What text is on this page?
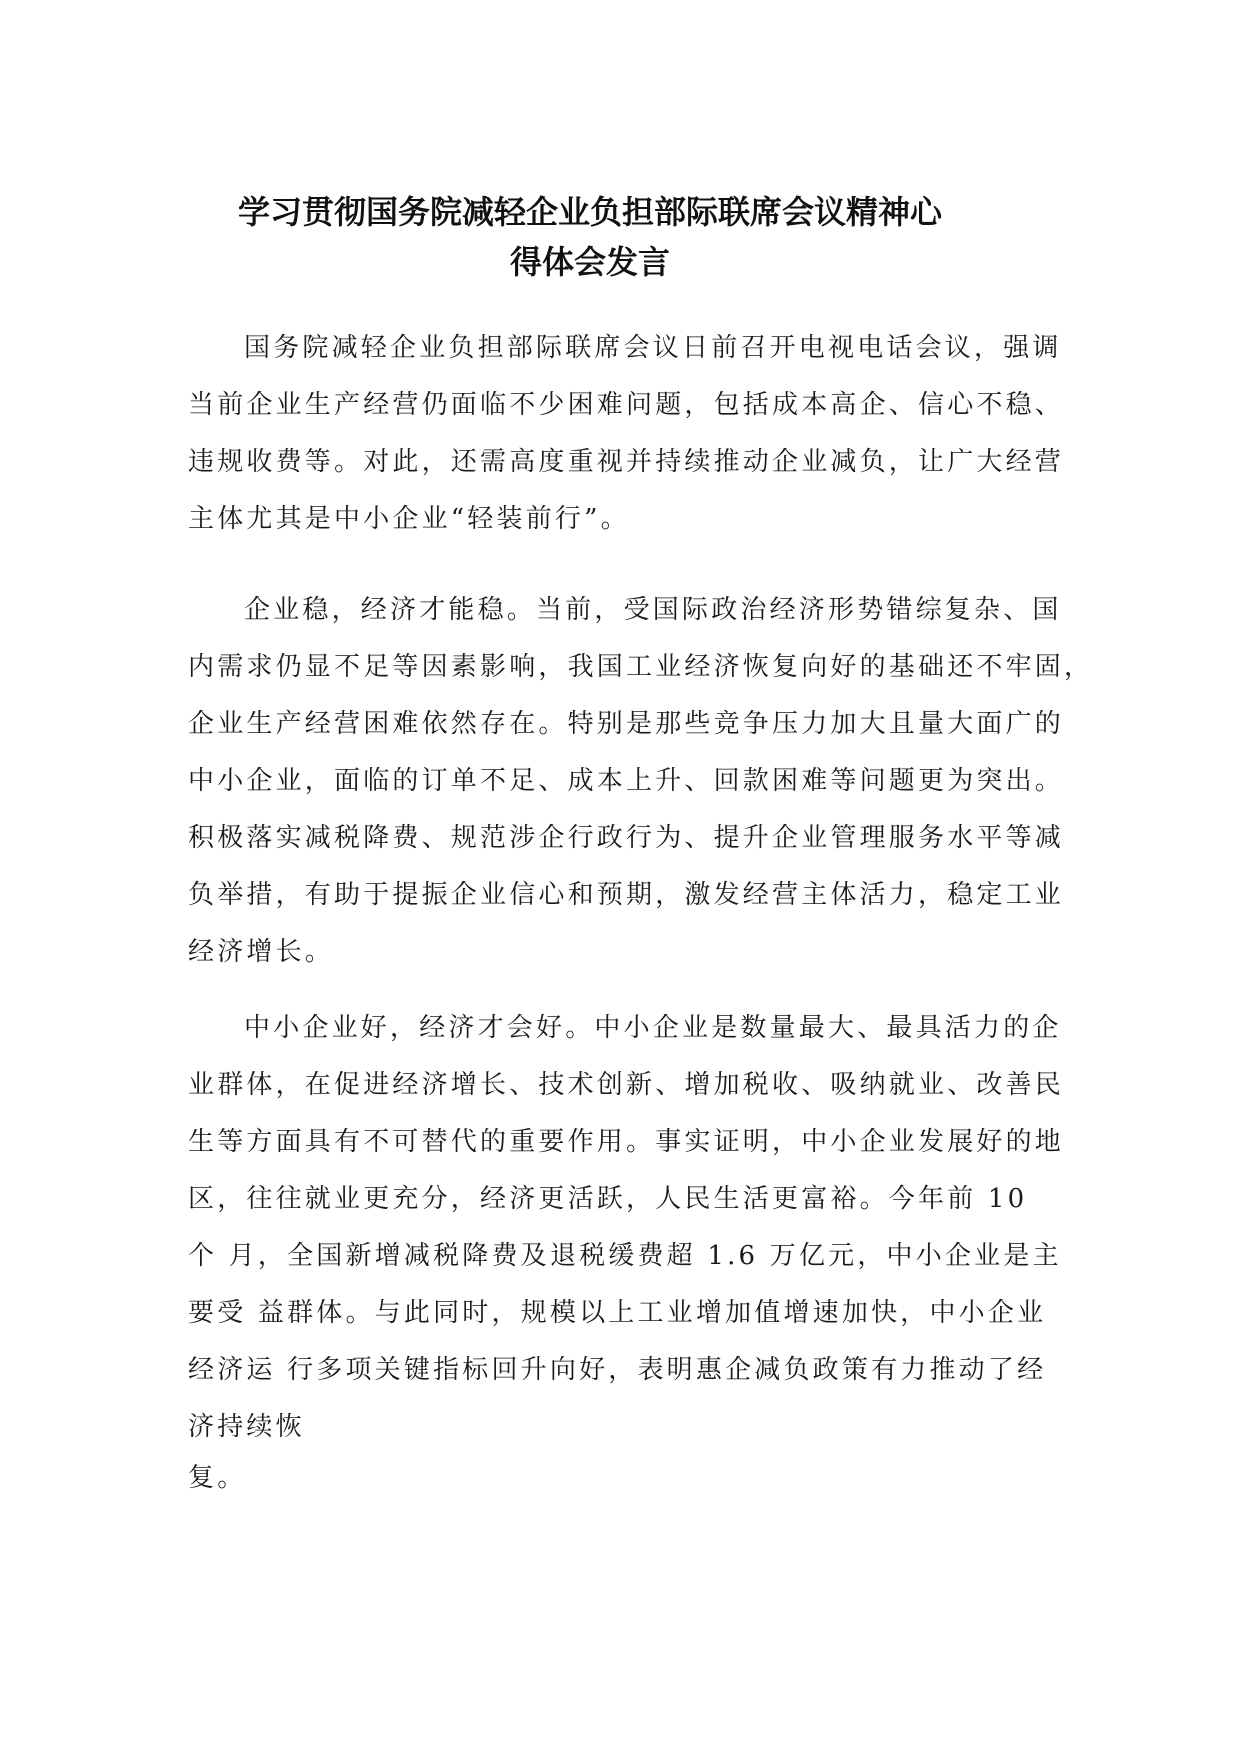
学习贯彻国务院减轻企业负担部际联席会议精神心
得体会发言
国务院减轻企业负担部际联席会议日前召开电视电话会议，强调
当前企业生产经营仍面临不少困难问题，包括成本高企、信心不稳、
违规收费等。对此，还需高度重视并持续推动企业减负，让广大经营
主体尤其是中小企业“轻装前行”。
企业稳，经济才能稳。当前，受国际政治经济形势错综复杂、国
内需求仍显不足等因素影响，我国工业经济恢复向好的基础还不牢固，
企业生产经营困难依然存在。特别是那些竞争压力加大且量大面广的
中小企业，面临的订单不足、成本上升、回款困难等问题更为突出。
积极落实减税降费、规范涉企行政行为、提升企业管理服务水平等减
负举措，有助于提振企业信心和预期，激发经营主体活力，稳定工业
经济增长。
中小企业好，经济才会好。中小企业是数量最大、最具活力的企
业群体，在促进经济增长、技术创新、增加税收、吸纳就业、改善民
生等方面具有不可替代的重要作用。事实证明，中小企业发展好的地
区，往往就业更充分，经济更活跃，人民生活更富裕。今年前 10
个 月，全国新增减税降费及退税缓费超 1.6 万亿元，中小企业是主
要受 益群体。与此同时，规模以上工业增加值增速加快，中小企业
经济运 行多项关键指标回升向好，表明惠企减负政策有力推动了经
济持续恢
复。
